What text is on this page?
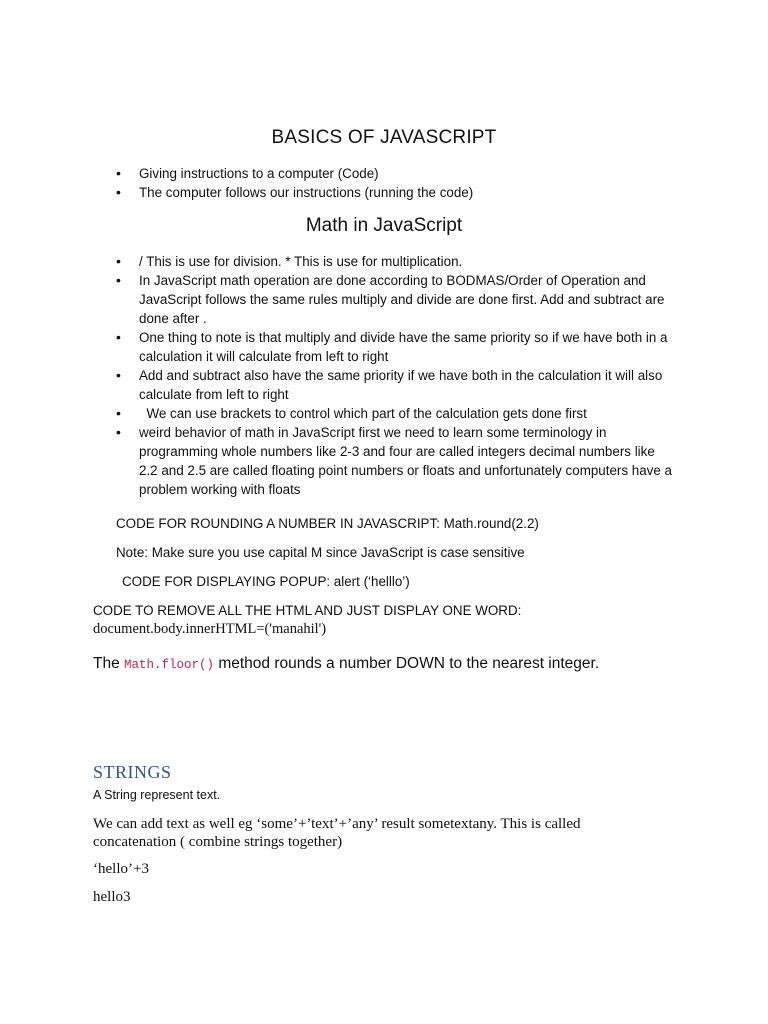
BASICS OF JAVASCRIPT
• Giving instructions to a computer (Code)
• The computer follows our instructions (running the code)
Math in JavaScript
• / This is use for division. * This is use for multiplication.
• In JavaScript math operation are done according to BODMAS/Order of Operation and JavaScript follows the same rules multiply and divide are done first. Add and subtract are done after .
• One thing to note is that multiply and divide have the same priority so if we have both in a calculation it will calculate from left to right
• Add and subtract also have the same priority if we have both in the calculation it will also calculate from left to right
•   We can use brackets to control which part of the calculation gets done first
• weird behavior of math in JavaScript first we need to learn some terminology in programming whole numbers like 2-3 and four are called integers decimal numbers like 2.2 and 2.5 are called floating point numbers or floats and unfortunately computers have a problem working with floats

CODE FOR ROUNDING A NUMBER IN JAVASCRIPT: Math.round(2.2)

Note: Make sure you use capital M since JavaScript is case sensitive

CODE FOR DISPLAYING POPUP: alert (‘helllo’)

CODE TO REMOVE ALL THE HTML AND JUST DISPLAY ONE WORD:

document.body.innerHTML=('manahil')

The Math.floor() method rounds a number DOWN to the nearest integer.

STRINGS

A String represent text.

We can add text as well eg ‘some’+’text’+’any’ result sometextany. This is called concatenation ( combine strings together)

‘hello’+3

hello3
